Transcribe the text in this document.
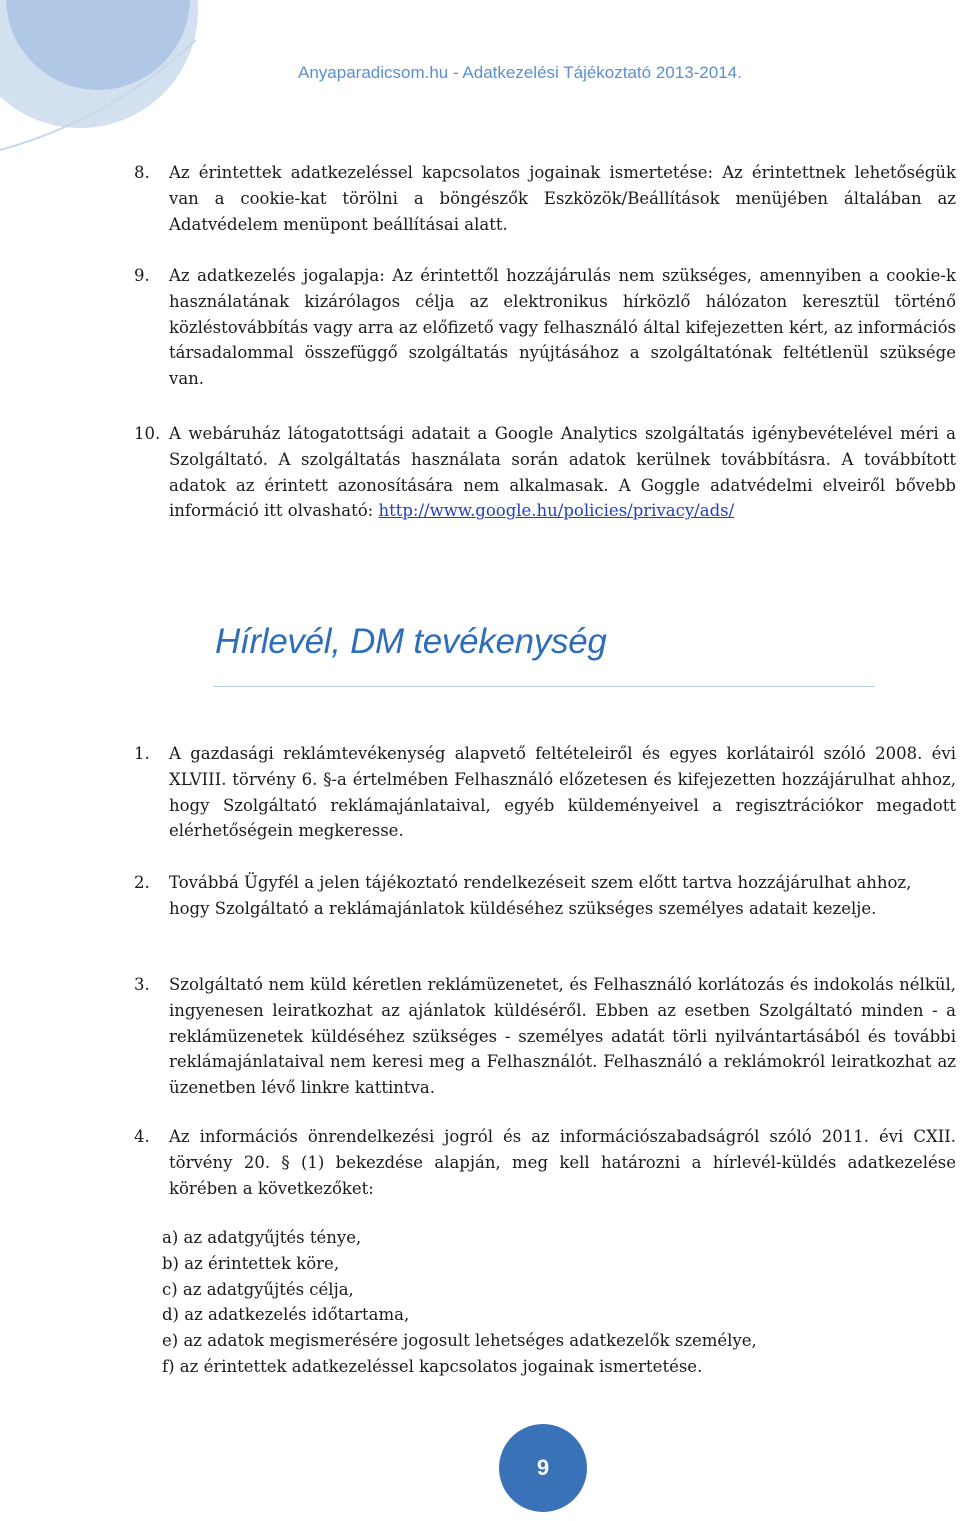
Anyaparadicsom.hu - Adatkezelési Tájékoztató 2013-2014.
8.	Az érintettek adatkezeléssel kapcsolatos jogainak ismertetése: Az érintettnek lehetőségük van a cookie-kat törölni a böngészők Eszközök/Beállítások menüjében általában az Adatvédelem menüpont beállításai alatt.
9.	Az adatkezelés jogalapja: Az érintettől hozzájárulás nem szükséges, amennyiben a cookie-k használatának kizárólagos célja az elektronikus hírközlő hálózaton keresztül történő közléstovábbítás vagy arra az előfizető vagy felhasználó által kifejezetten kért, az információs társadalommal összefüggő szolgáltatás nyújtásához a szolgáltatónak feltétlenül szüksége van.
10. A webáruház látogatottsági adatait a Google Analytics szolgáltatás igénybevételével méri a Szolgáltató. A szolgáltatás használata során adatok kerülnek továbbításra. A továbbított adatok az érintett azonosítására nem alkalmasak. A Goggle adatvédelmi elveiről bővebb információ itt olvasható: http://www.google.hu/policies/privacy/ads/
Hírlevél, DM tevékenység
1.	A gazdasági reklámtevékenység alapvető feltételeiről és egyes korlátairól szóló 2008. évi XLVIII. törvény 6. §-a értelmében Felhasználó előzetesen és kifejezetten hozzájárulhat ahhoz, hogy Szolgáltató reklámajánlataival, egyéb küldeményeivel a regisztrációkor megadott elérhetőségein megkeresse.
2.	Továbbá Ügyfél a jelen tájékoztató rendelkezéseit szem előtt tartva hozzájárulhat ahhoz, hogy Szolgáltató a reklámajánlatok küldéséhez szükséges személyes adatait kezelje.
3.	Szolgáltató nem küld kéretlen reklámüzenetet, és Felhasználó korlátozás és indokolás nélkül, ingyenesen leiratkozhat az ajánlatok küldéséről. Ebben az esetben Szolgáltató minden - a reklámüzenetek küldéséhez szükséges - személyes adatát törli nyilvántartásából és további reklámajánlataival nem keresi meg a Felhasználót. Felhasználó a reklámokról leiratkozhat az üzenetben lévő linkre kattintva.
4.	Az információs önrendelkezési jogról és az információszabadságról szóló 2011. évi CXII. törvény 20. § (1) bekezdése alapján, meg kell határozni a hírlevél-küldés adatkezelése körében a következőket:
a) az adatgyűjtés ténye,
b) az érintettek köre,
c) az adatgyűjtés célja,
d) az adatkezelés időtartama,
e) az adatok megismerésére jogosult lehetséges adatkezelők személye,
f) az érintettek adatkezeléssel kapcsolatos jogainak ismertetése.
9
